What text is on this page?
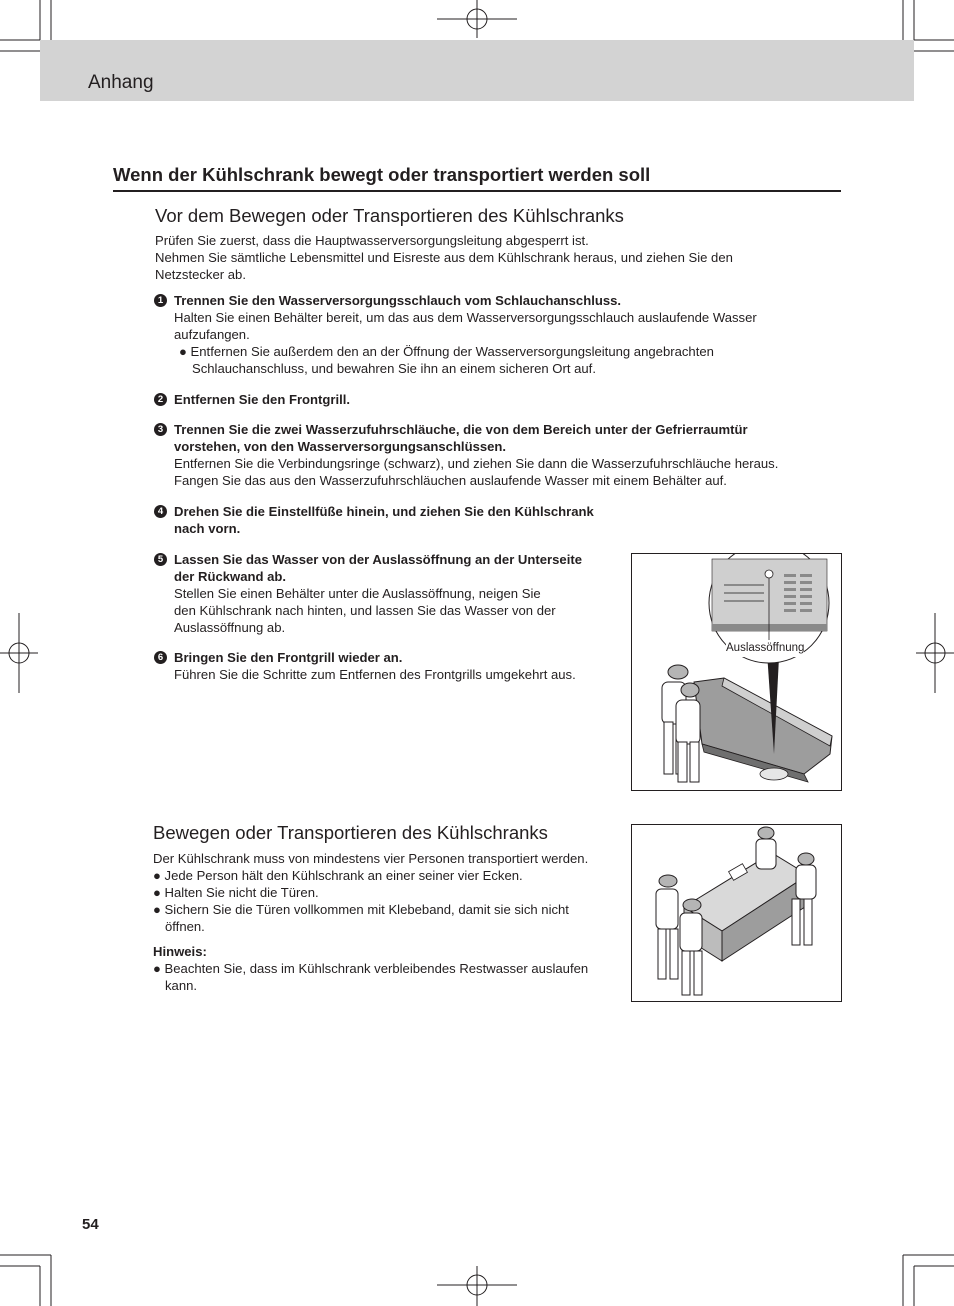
Anhang
Wenn der Kühlschrank bewegt oder transportiert werden soll
Vor dem Bewegen oder Transportieren des Kühlschranks
Prüfen Sie zuerst, dass die Hauptwasserversorgungsleitung abgesperrt ist.
Nehmen Sie sämtliche Lebensmittel und Eisreste aus dem Kühlschrank heraus, und ziehen Sie den
Netzstecker ab.
1 Trennen Sie den Wasserversorgungsschlauch vom Schlauchanschluss.
Halten Sie einen Behälter bereit, um das aus dem Wasserversorgungsschlauch auslaufende Wasser
aufzufangen.
● Entfernen Sie außerdem den an der Öffnung der Wasserversorgungsleitung angebrachten
Schlauchanschluss, und bewahren Sie ihn an einem sicheren Ort auf.
2 Entfernen Sie den Frontgrill.
3 Trennen Sie die zwei Wasserzufuhrschläuche, die von dem Bereich unter der Gefrierraumtür
vorstehen, von den Wasserversorgungsanschlüssen.
Entfernen Sie die Verbindungsringe (schwarz), und ziehen Sie dann die Wasserzufuhrschläuche heraus.
Fangen Sie das aus den Wasserzufuhrschläuchen auslaufende Wasser mit einem Behälter auf.
4 Drehen Sie die Einstellfüße hinein, und ziehen Sie den Kühlschrank
nach vorn.
5 Lassen Sie das Wasser von der Auslassöffnung an der Unterseite
der Rückwand ab.
Stellen Sie einen Behälter unter die Auslassöffnung, neigen Sie
den Kühlschrank nach hinten, und lassen Sie das Wasser von der
Auslassöffnung ab.
6 Bringen Sie den Frontgrill wieder an.
Führen Sie die Schritte zum Entfernen des Frontgrills umgekehrt aus.
Auslassöffnung
Bewegen oder Transportieren des Kühlschranks
Der Kühlschrank muss von mindestens vier Personen transportiert werden.
● Jede Person hält den Kühlschrank an einer seiner vier Ecken.
● Halten Sie nicht die Türen.
● Sichern Sie die Türen vollkommen mit Klebeband, damit sie sich nicht
öffnen.
Hinweis:
● Beachten Sie, dass im Kühlschrank verbleibendes Restwasser auslaufen
kann.
54
